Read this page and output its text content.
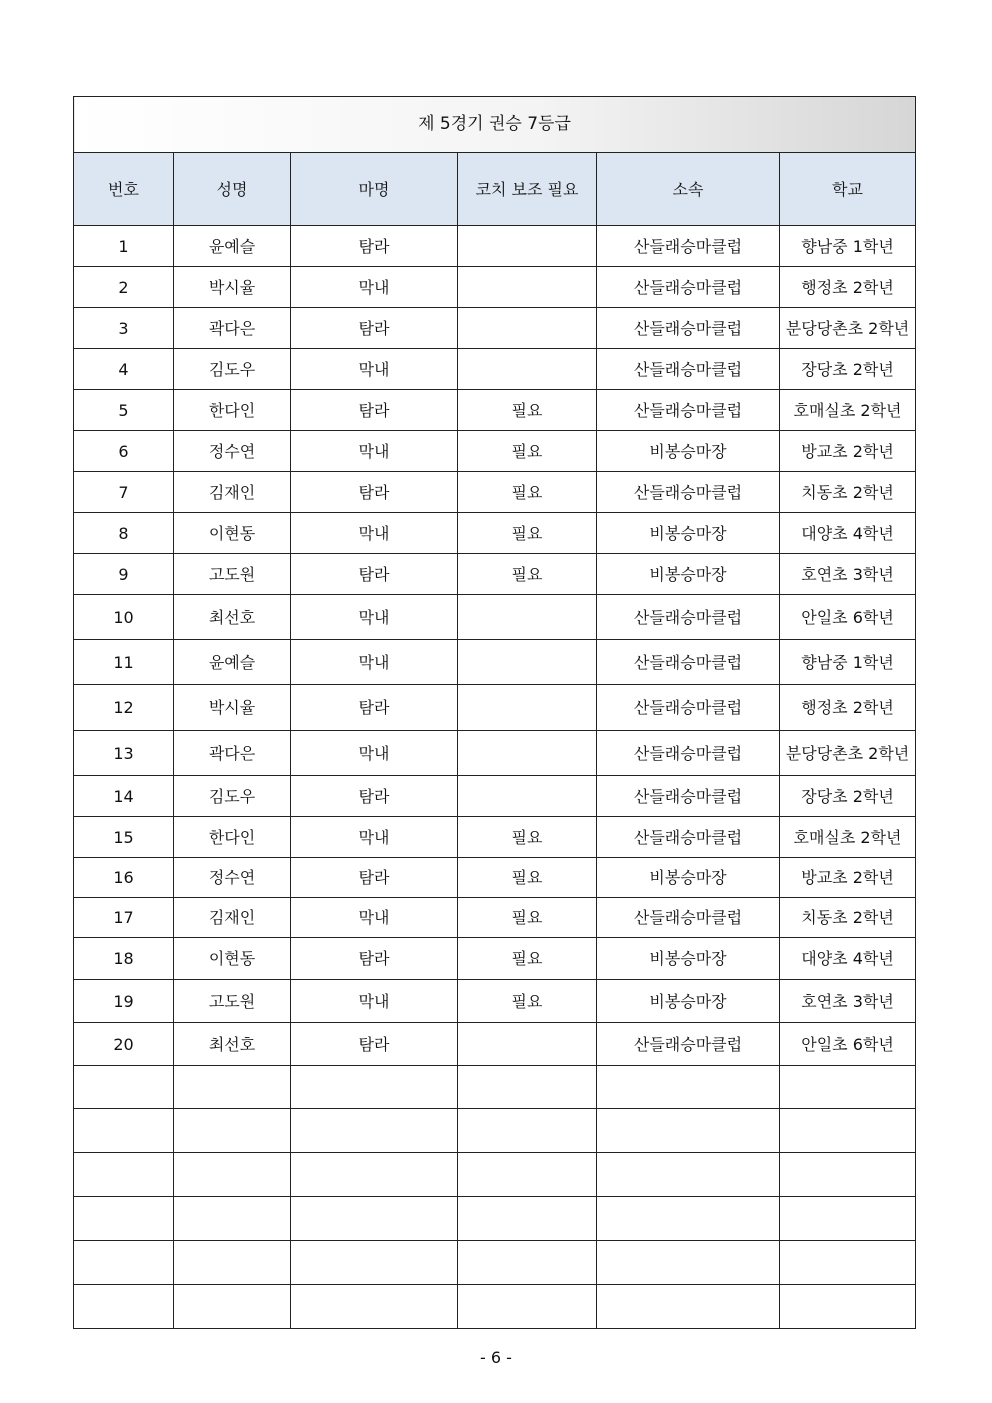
제 5경기 권승 7등급					
번호	성명	마명	코치 보조 필요	소속	학교
1	윤예슬	탐라		산들래승마클럽	향남중 1학년
2	박시율	막내		산들래승마클럽	행정초 2학년
3	곽다은	탐라		산들래승마클럽	분당당촌초 2학년
4	김도우	막내		산들래승마클럽	장당초 2학년
5	한다인	탐라	필요	산들래승마클럽	호매실초 2학년
6	정수연	막내	필요	비봉승마장	방교초 2학년
7	김재인	탐라	필요	산들래승마클럽	치동초 2학년
8	이현동	막내	필요	비봉승마장	대양초 4학년
9	고도원	탐라	필요	비봉승마장	호연초 3학년
10	최선호	막내		산들래승마클럽	안일초 6학년
11	윤예슬	막내		산들래승마클럽	향남중 1학년
12	박시율	탐라		산들래승마클럽	행정초 2학년
13	곽다은	막내		산들래승마클럽	분당당촌초 2학년
14	김도우	탐라		산들래승마클럽	장당초 2학년
15	한다인	막내	필요	산들래승마클럽	호매실초 2학년
16	정수연	탐라	필요	비봉승마장	방교초 2학년
17	김재인	막내	필요	산들래승마클럽	치동초 2학년
18	이현동	탐라	필요	비봉승마장	대양초 4학년
19	고도원	막내	필요	비봉승마장	호연초 3학년
20	최선호	탐라		산들래승마클럽	안일초 6학년

- 6 -
